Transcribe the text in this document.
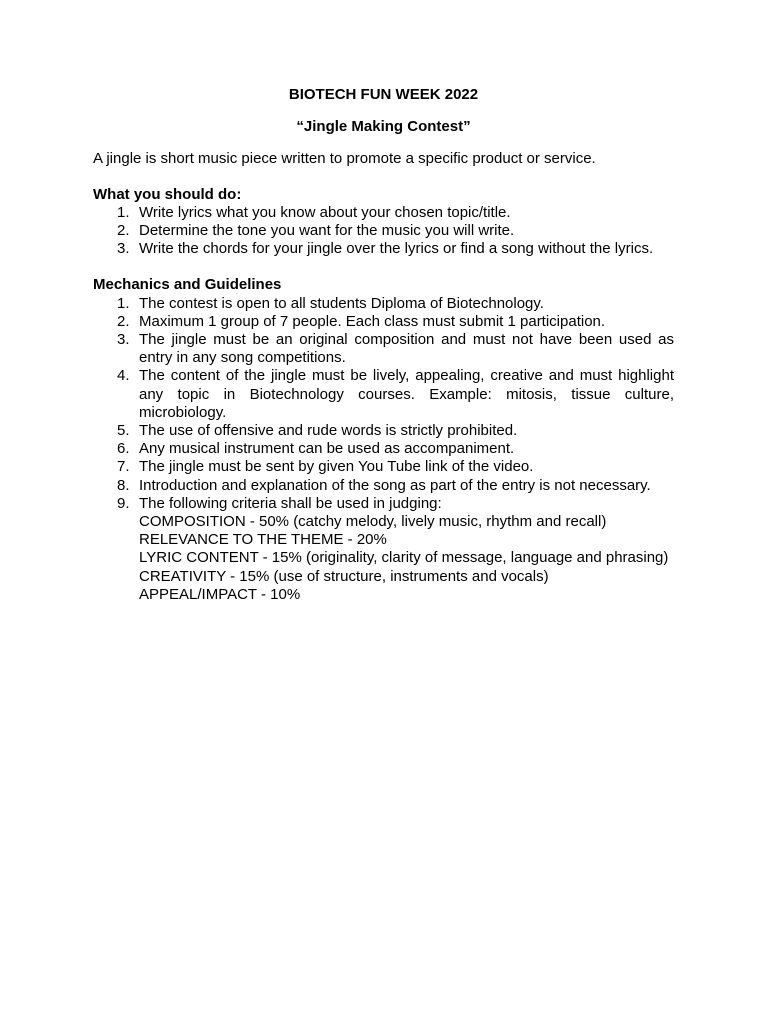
BIOTECH FUN WEEK 2022

“Jingle Making Contest”

A jingle is short music piece written to promote a specific product or service.

What you should do:

1. Write lyrics what you know about your chosen topic/title.
2. Determine the tone you want for the music you will write.
3. Write the chords for your jingle over the lyrics or find a song without the lyrics.

Mechanics and Guidelines

1. The contest is open to all students Diploma of Biotechnology.
2. Maximum 1 group of 7 people. Each class must submit 1 participation.
3. The jingle must be an original composition and must not have been used as entry in any song competitions.
4. The content of the jingle must be lively, appealing, creative and must highlight any topic in Biotechnology courses. Example: mitosis, tissue culture, microbiology.
5. The use of offensive and rude words is strictly prohibited.
6. Any musical instrument can be used as accompaniment.
7. The jingle must be sent by given You Tube link of the video.
8. Introduction and explanation of the song as part of the entry is not necessary.
9. The following criteria shall be used in judging:
COMPOSITION - 50% (catchy melody, lively music, rhythm and recall)
RELEVANCE TO THE THEME - 20%
LYRIC CONTENT - 15% (originality, clarity of message, language and phrasing)
CREATIVITY - 15% (use of structure, instruments and vocals)
APPEAL/IMPACT - 10%
